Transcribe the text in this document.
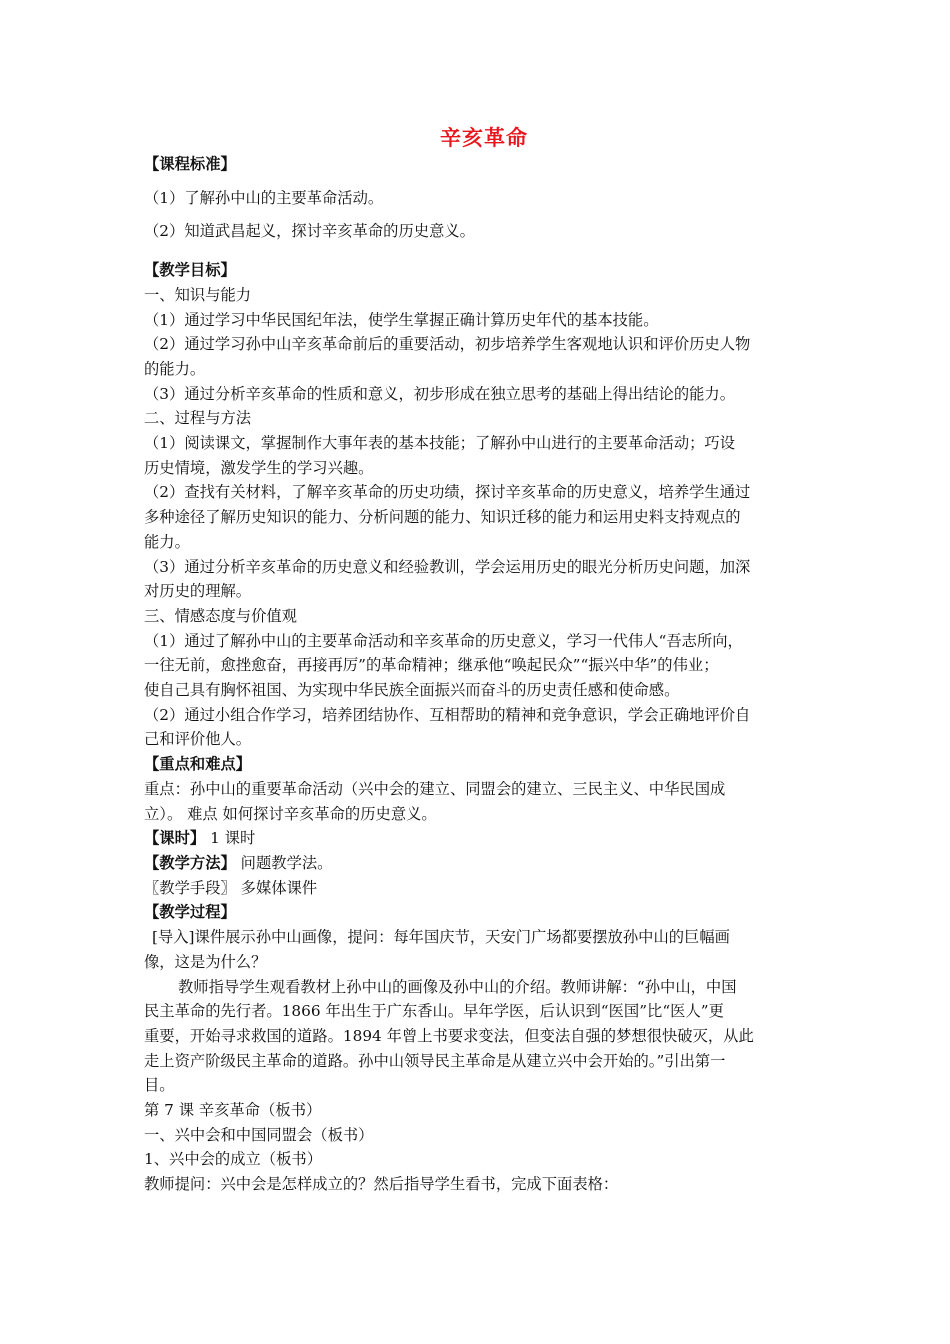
辛亥革命
【课程标准】
（1）了解孙中山的主要革命活动。
（2）知道武昌起义，探讨辛亥革命的历史意义。
【教学目标】
一、知识与能力
（1）通过学习中华民国纪年法，使学生掌握正确计算历史年代的基本技能。
（2）通过学习孙中山辛亥革命前后的重要活动，初步培养学生客观地认识和评价历史人物
的能力。
（3）通过分析辛亥革命的性质和意义，初步形成在独立思考的基础上得出结论的能力。
二、过程与方法
（1）阅读课文，掌握制作大事年表的基本技能；了解孙中山进行的主要革命活动；巧设
历史情境，激发学生的学习兴趣。
（2）查找有关材料，了解辛亥革命的历史功绩，探讨辛亥革命的历史意义，培养学生通过
多种途径了解历史知识的能力、分析问题的能力、知识迁移的能力和运用史料支持观点的
能力。
（3）通过分析辛亥革命的历史意义和经验教训，学会运用历史的眼光分析历史问题，加深
对历史的理解。
三、情感态度与价值观
（1）通过了解孙中山的主要革命活动和辛亥革命的历史意义，学习一代伟人“吾志所向，
一往无前，愈挫愈奋，再接再厉”的革命精神；继承他“唤起民众”“振兴中华”的伟业；
使自己具有胸怀祖国、为实现中华民族全面振兴而奋斗的历史责任感和使命感。
（2）通过小组合作学习，培养团结协作、互相帮助的精神和竞争意识，学会正确地评价自
己和评价他人。
【重点和难点】
重点：孙中山的重要革命活动（兴中会的建立、同盟会的建立、三民主义、中华民国成
立）。 难点 如何探讨辛亥革命的历史意义。
【课时】 1 课时
【教学方法】 问题教学法。
〖教学手段〗 多媒体课件
【教学过程】
[导入]课件展示孙中山画像，提问：每年国庆节，天安门广场都要摆放孙中山的巨幅画
像，这是为什么？
教师指导学生观看教材上孙中山的画像及孙中山的介绍。教师讲解：“孙中山，中国
民主革命的先行者。1866 年出生于广东香山。早年学医，后认识到“医国”比“医人”更
重要，开始寻求救国的道路。1894 年曾上书要求变法，但变法自强的梦想很快破灭，从此
走上资产阶级民主革命的道路。孙中山领导民主革命是从建立兴中会开始的。”引出第一
目。
第 7 课 辛亥革命（板书）
一、兴中会和中国同盟会（板书）
1、兴中会的成立（板书）
教师提问：兴中会是怎样成立的？然后指导学生看书，完成下面表格：
